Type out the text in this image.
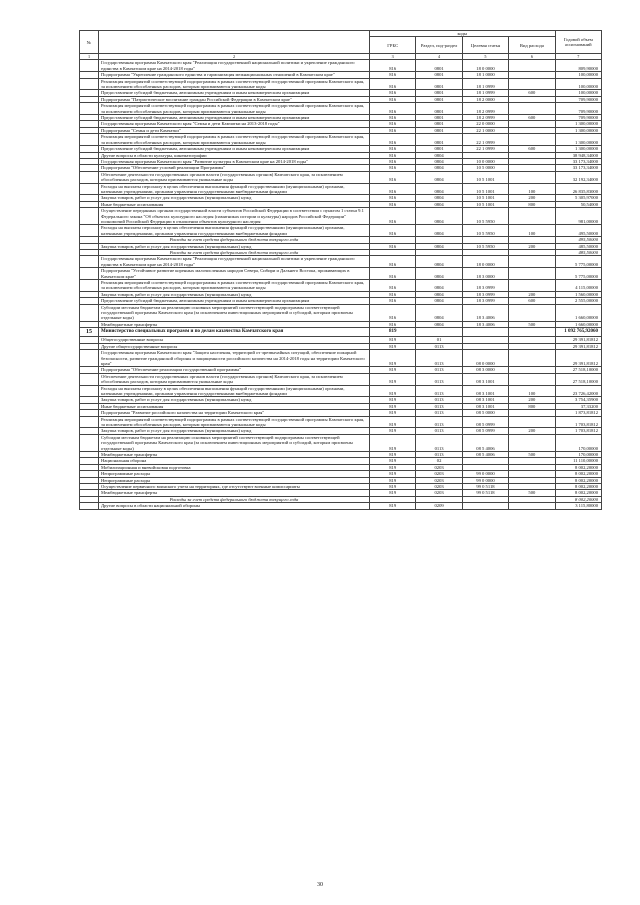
№		коды				Годовой объем ассигнований
		ГРБС	Раздел, под-раздел	Целевая статья	Вид расхода	
1	2	3	4	5	6	7
	Государственная программа Камчатского края "Реализация государственной национальной политики и укрепление гражданского единства в Камчатском крае на 2014-2018 годы"	816	0801	18 0 0000		809,90000
	Подпрограмма "Укрепление гражданского единства и гармонизация межнациональных отношений в Камчатском крае"	816	0801	18 1 0000		100,00000
	Реализация мероприятий соответствующей подпрограммы в рамках соответствующей государственной программы Камчатского края, за исключением обособленных расходов, которым присваиваются уникальные коды	816	0801	18 1 0999		100,00000
	Предоставление субсидий бюджетным, автономным учреждениям и иным некоммерческим организациям	816	0801	18 1 0999	600	100,00000
	Подпрограмма "Патриотическое воспитание граждан Российской Федерации в Камчатском крае"	816	0801	18 2 0000		709,90000
	Реализация мероприятий соответствующей подпрограммы в рамках соответствующей государственной программы Камчатского края, за исключением обособленных расходов, которым присваиваются уникальные коды	816	0801	18 2 0999		709,90000
	Предоставление субсидий бюджетным, автономным учреждениям и иным некоммерческим организациям	816	0801	18 2 0999	600	709,90000
	Государственная программа Камчатского края "Семья и дети Камчатки на 2013-2018 годы"	816	0801	22 0 0000		1 300,00000
	Подпрограмма "Семья и дети Камчатки"	816	0801	22 1 0000		1 300,00000
	Реализация мероприятий соответствующей подпрограммы в рамках соответствующей государственной программы Камчатского края, за исключением обособленных расходов, которым присваиваются уникальные коды	816	0801	22 1 0999		1 300,00000
	Предоставление субсидий бюджетным, автономным учреждениям и иным некоммерческим организациям	816	0801	22 1 0999	600	1 300,00000
	Другие вопросы в области культуры, кинематографии	816	0804			38 948,34000
	Государственная программа Камчатского края "Развитие культуры в Камчатском крае на 2014-2018 годы"	816	0804	10 0 0000		33 173,34000
	Подпрограмма "Обеспечение условий реализации Программы"	816	0804	10 5 0000		33 173,34000
	Обеспечение деятельности государственных органов власти (государственных органов) Камчатского края, за исключением обособленных расходов, которым присваиваются уникальные коды	816	0804	10 5 1001		32 192,34000
	Расходы на выплаты персоналу в целях обеспечения выполнения функций государственными (муниципальными) органами, казенными учреждениями, органами управления государственными внебюджетными фондами	816	0804	10 5 1001	100	26 835,83000
	Закупка товаров, работ и услуг для государственных (муниципальных) нужд	816	0804	10 5 1001	200	5 305,97000
	Иные бюджетные ассигнования	816	0804	10 5 1001	800	50,54000
	Осуществление переданных органам государственной власти субъектов Российской Федерации в соответствии с пунктом 1 статьи 9.1 Федерального закона "Об объектах культурного наследия (памятниках истории и культуры) народов Российской Федерации" полномочий Российской Федерации в отношении объектов культурного наследия	816	0804	10 5 5950		981,00000
	Расходы на выплаты персоналу в целях обеспечения выполнения функций государственными (муниципальными) органами, казенными учреждениями, органами управления государственными внебюджетными фондами	816	0804	10 5 5950	100	495,50000
	Расходы за счет средств федерального бюджета текущего года					495,50000
	Закупка товаров, работ и услуг для государственных (муниципальных) нужд	816	0804	10 5 5950	200	485,50000
	Расходы за счет средств федерального бюджета текущего года					485,50000
	Государственная программа Камчатского края "Реализация государственной национальной политики и укрепление гражданского единства в Камчатском крае на 2014-2018 годы"	816	0804	18 0 0000		5 775,00000
	Подпрограмма "Устойчивое развитие коренных малочисленных народов Севера, Сибири и Дальнего Востока, проживающих в Камчатском крае"	816	0804	18 3 0000		5 775,00000
	Реализация мероприятий соответствующей подпрограммы в рамках соответствующей государственной программы Камчатского края, за исключением обособленных расходов, которым присваиваются уникальные коды	816	0804	18 3 0999		4 115,00000
	Закупка товаров, работ и услуг для государственных (муниципальных) нужд	816	0804	18 3 0999	200	1 560,00000
	Предоставление субсидий бюджетным, автономным учреждениям и иным некоммерческим организациям	816	0804	18 3 0999	600	2 555,00000
	Субсидии местным бюджетам на реализацию основных мероприятий соответствующей подпрограммы соответствующей государственной программы Камчатского края (за исключением инвестиционных мероприятий и субсидий, которым присвоены отдельные коды)	816	0804	18 3 4006		1 660,00000
	Межбюджетные трансферты	816	0804	18 3 4006	500	1 660,00000
15	Министерство специальных программ и по делам казачества Камчатского края	819				1 092 765,92060
	Общегосударственные вопросы	819	01			29 391,81812
	Другие общегосударственные вопросы	819	0113			29 391,81812
	Государственная программа Камчатского края "Защита населения, территорий от чрезвычайных ситуаций, обеспечение пожарной безопасности, развитие гражданской обороны и защищенности российского казачества на 2014-2018 годы на территории Камчатского края"	819	0113	08 0 0000		29 391,81812
	Подпрограмма "Обеспечение реализации государственной программы"	819	0113	08 3 0000		27 518,10000
	Обеспечение деятельности государственных органов власти (государственных органов) Камчатского края, за исключением обособленных расходов, которым присваиваются уникальные коды	819	0113	08 3 1001		27 518,10000
	Расходы на выплаты персоналу в целях обеспечения выполнения функций государственными (муниципальными) органами, казенными учреждениями, органами управления государственными внебюджетными фондами	819	0113	08 3 1001	100	23 726,42000
	Закупка товаров, работ и услуг для государственных (муниципальных) нужд	819	0113	08 3 1001	200	3 754,35900
	Иные бюджетные ассигнования	819	0113	08 3 1001	800	37,33200
	Подпрограмма "Развитие российского казачества на территории Камчатского края"	819	0113	08 5 0000		1 873,81812
	Реализация мероприятий соответствующей подпрограммы в рамках соответствующей государственной программы Камчатского края, за исключением обособленных расходов, которым присваиваются уникальные коды	819	0113	08 5 0999		1 703,81812
	Закупка товаров, работ и услуг для государственных (муниципальных) нужд	819	0113	08 5 0999	200	1 703,81812
	Субсидии местным бюджетам на реализацию основных мероприятий соответствующей подпрограммы соответствующей государственной программы Камчатского края (за исключением инвестиционных мероприятий и субсидий, которым присвоены отдельные коды)	819	0113	08 5 4006		170,00000
	Межбюджетные трансферты	819	0113	08 5 4006	500	170,00000
	Национальная оборона	819	02			11 110,00000
	Мобилизационная и вневойсковая подготовка	819	0203			8 002,20000
	Непрограммные расходы	819	0203	99 0 0000		8 002,20000
	Непрограммные расходы	819	0203	99 0 0000		8 002,20000
	Осуществление первичного воинского учета на территориях, где отсутствуют военные комиссариаты	819	0203	99 0 5118		8 002,20000
	Межбюджетные трансферты	819	0203	99 0 5118	500	8 002,20000
	Расходы за счет средств федерального бюджета текущего года					8 002,20000
	Другие вопросы в области национальной обороны	819	0209			3 115,80000
30
